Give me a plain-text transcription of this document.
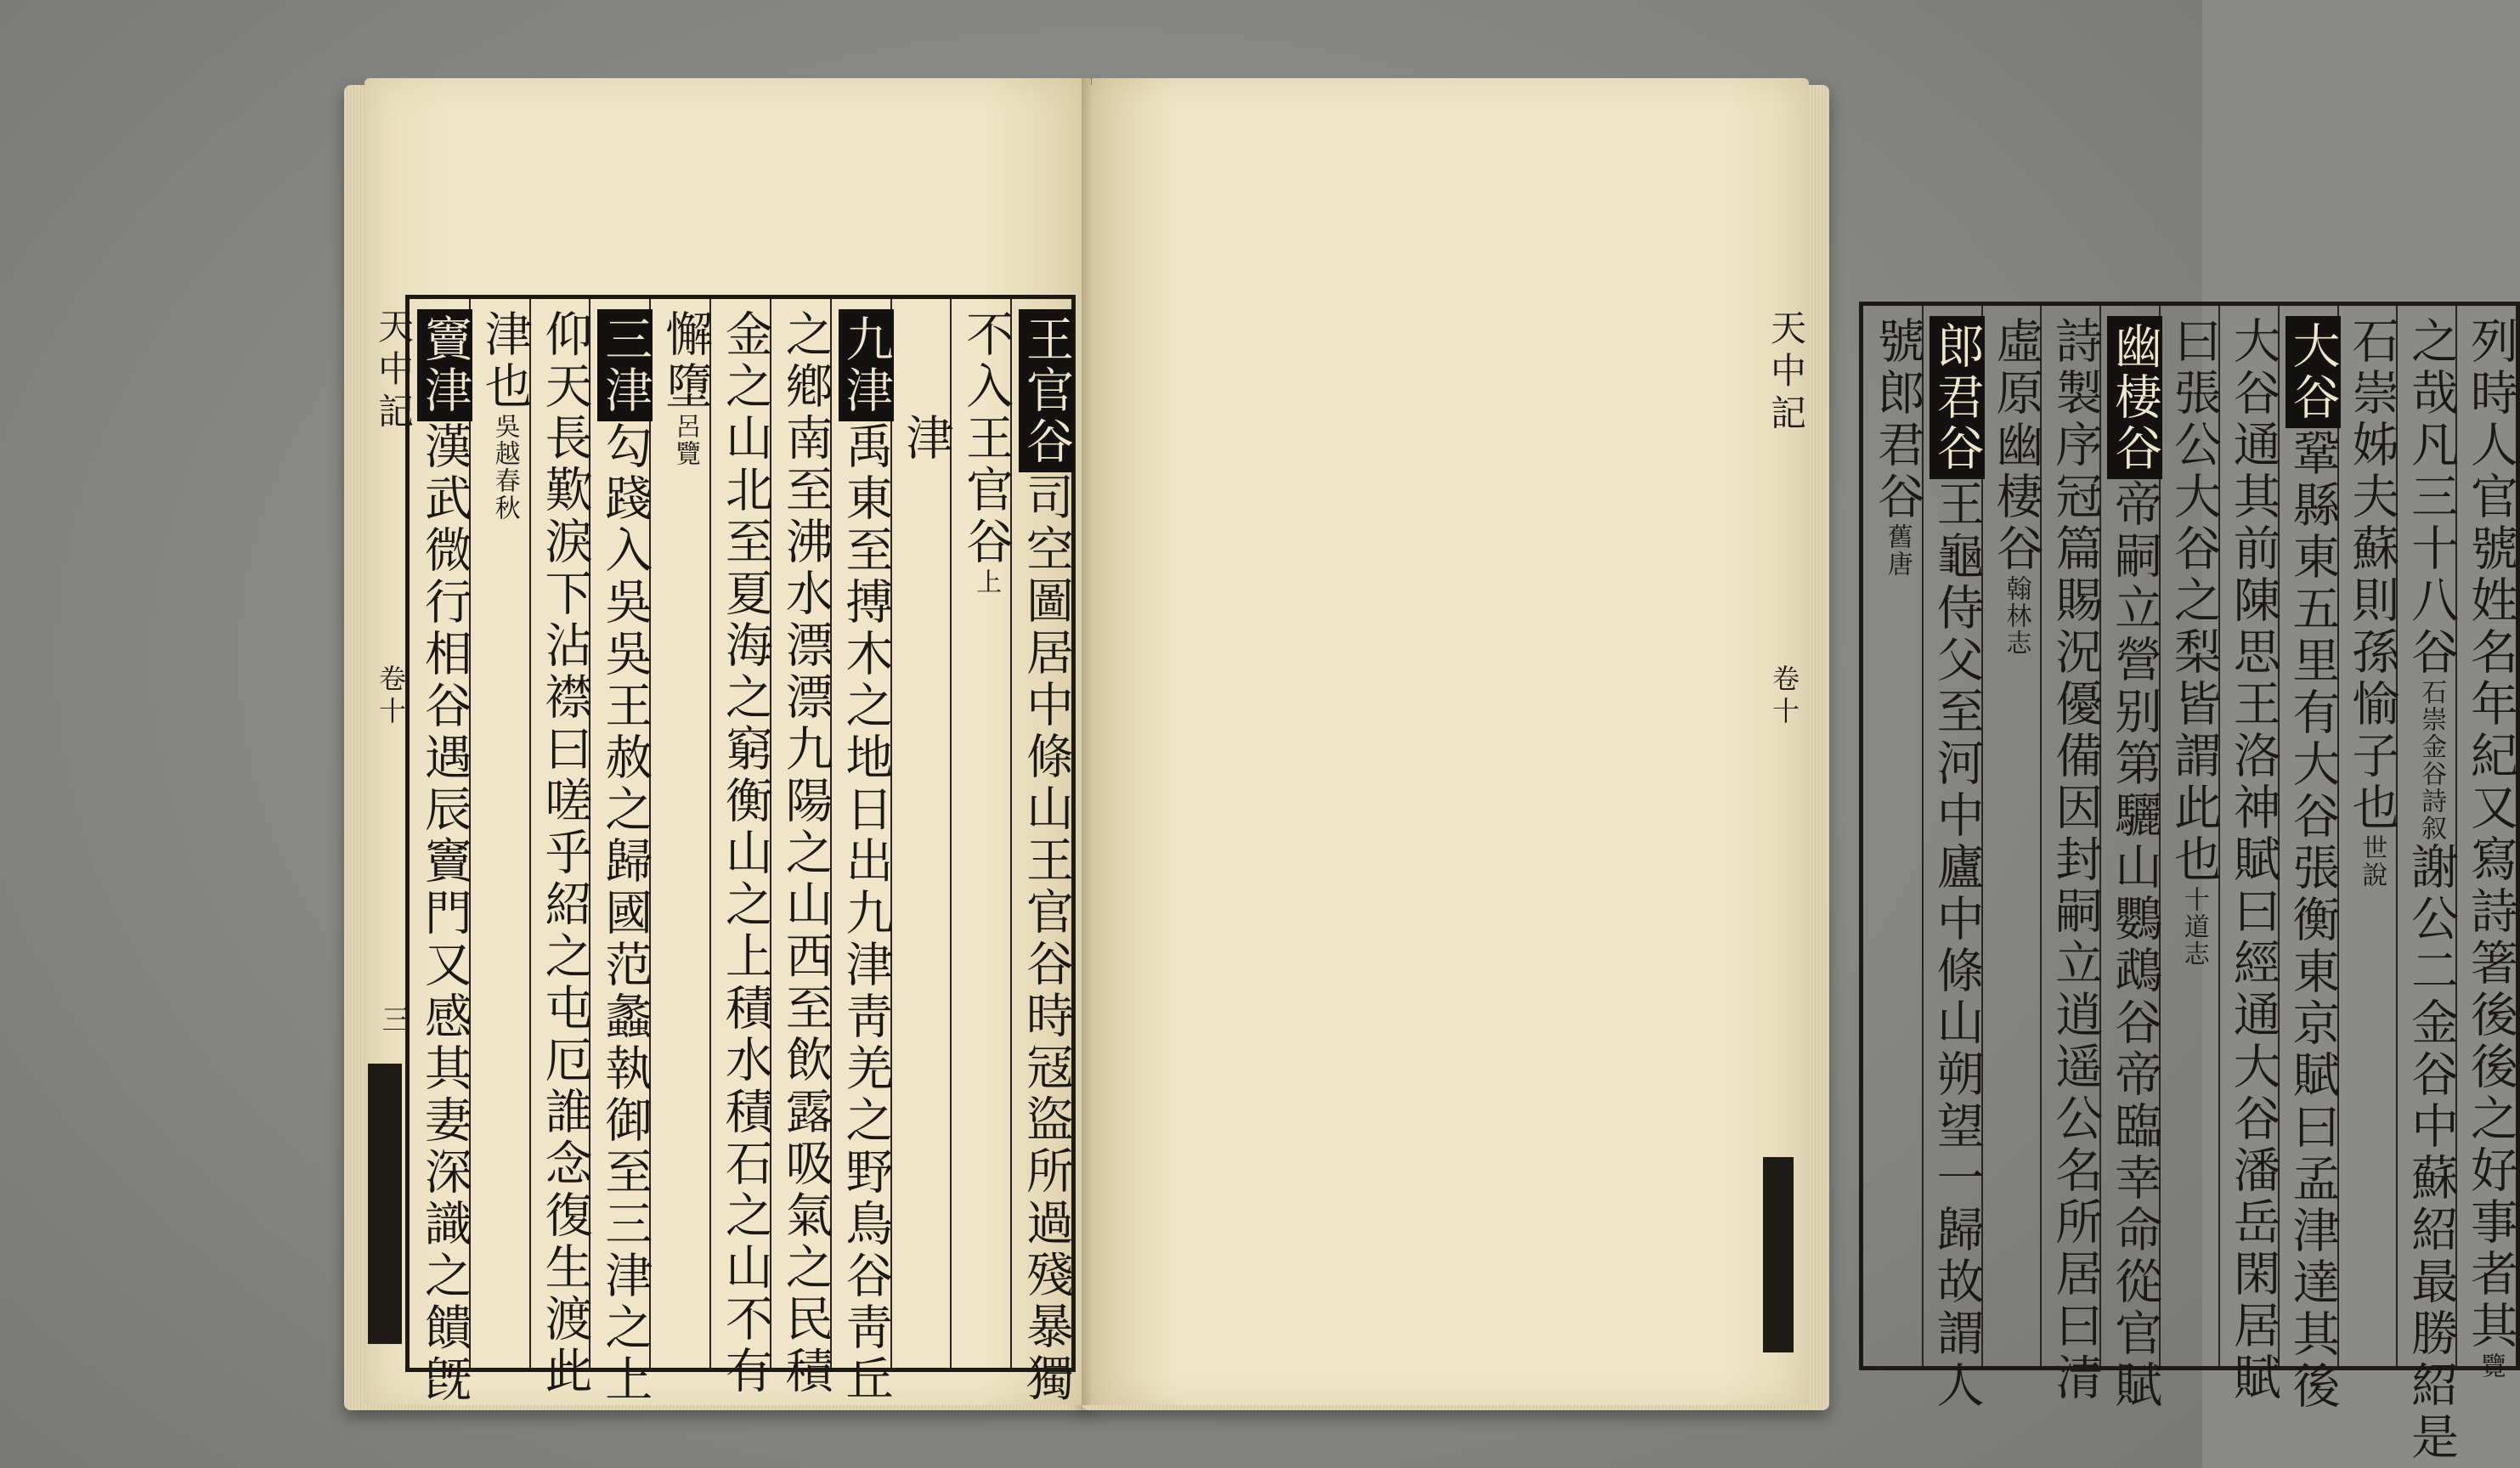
天中記
卷十
三
王官谷司空圖居中條山王官谷時冦盜所過殘暴獨
不入王官谷上
　　津
九津禹東至搏木之地日出九津靑羌之野鳥谷靑丘
之鄕南至沸水漂漂九陽之山西至飲露吸氣之民積
金之山北至夏海之窮衡山之上積水積石之山不有
懈墮呂覽
三津勾踐入吳吳王赦之歸國范蠡執御至三津之上
仰天長歎淚下沾襟曰嗟乎紹之屯厄誰念復生渡此
津也吳越春秋
竇津漢武微行相谷遇辰竇門又感其妻深識之饋旣	列時人官號姓名年紀又寫詩箸後後之好事者其覽
之哉凡三十八谷石崇金谷詩叙謝公二金谷中蘇紹最勝紹是
石崇姊夫蘇則孫愉子也世說
大谷鞏縣東五里有大谷張衡東京賦曰孟津達其後
大谷通其前陳思王洛神賦曰經通大谷潘岳閑居賦
曰張公大谷之梨皆謂此也十道志
幽棲谷帝嗣立營别第驪山鸚鵡谷帝臨幸命從官賦
詩製序冠篇賜況優備因封嗣立逍遥公名所居曰清
虛原幽棲谷翰林志
郎君谷王龜侍父至河中廬中條山朔望一歸故謂人
號郎君谷舊唐
天中記
卷十
